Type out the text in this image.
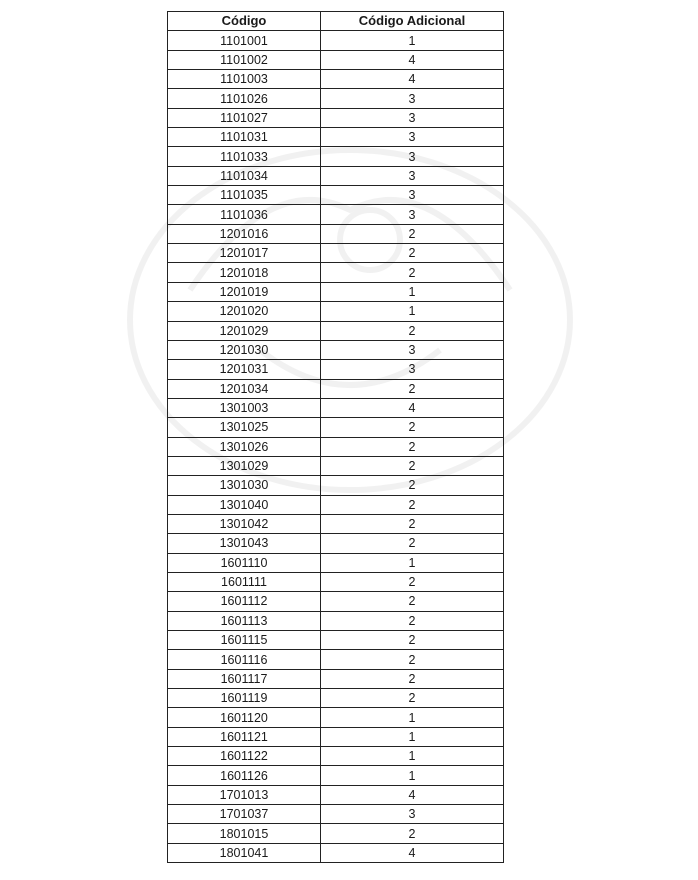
Código	Código Adicional
1101001	1
1101002	4
1101003	4
1101026	3
1101027	3
1101031	3
1101033	3
1101034	3
1101035	3
1101036	3
1201016	2
1201017	2
1201018	2
1201019	1
1201020	1
1201029	2
1201030	3
1201031	3
1201034	2
1301003	4
1301025	2
1301026	2
1301029	2
1301030	2
1301040	2
1301042	2
1301043	2
1601110	1
1601111	2
1601112	2
1601113	2
1601115	2
1601116	2
1601117	2
1601119	2
1601120	1
1601121	1
1601122	1
1601126	1
1701013	4
1701037	3
1801015	2
1801041	4
